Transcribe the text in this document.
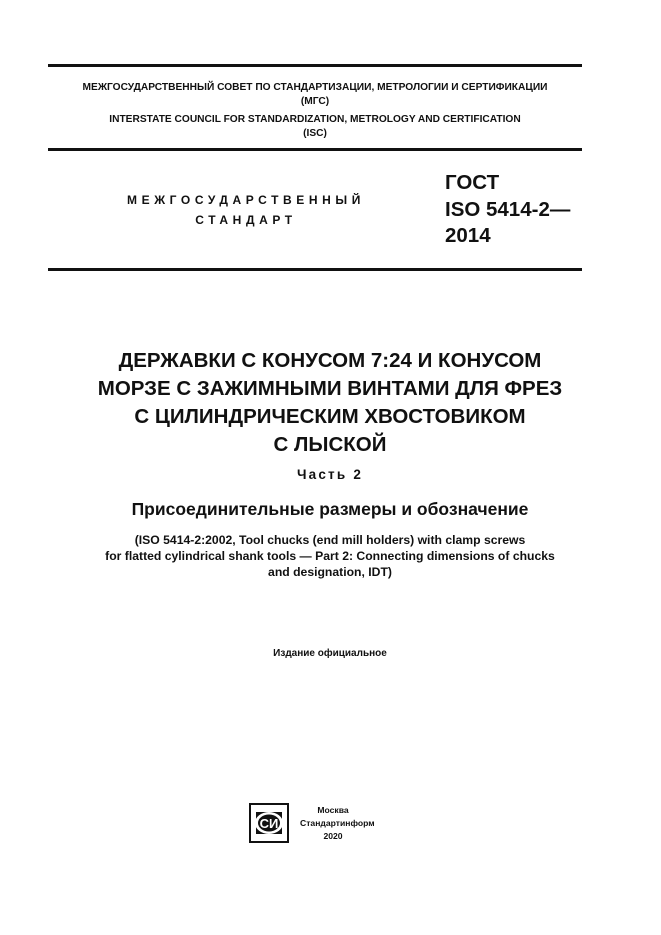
МЕЖГОСУДАРСТВЕННЫЙ СОВЕТ ПО СТАНДАРТИЗАЦИИ, МЕТРОЛОГИИ И СЕРТИФИКАЦИИ
(МГС)
INTERSTATE COUNCIL FOR STANDARDIZATION, METROLOGY AND CERTIFICATION
(ISC)
МЕЖГОСУДАРСТВЕННЫЙ
СТАНДАРТ
ГОСТ
ISO 5414-2—
2014
ДЕРЖАВКИ С КОНУСОМ 7:24 И КОНУСОМ
МОРЗЕ С ЗАЖИМНЫМИ ВИНТАМИ ДЛЯ ФРЕЗ
С ЦИЛИНДРИЧЕСКИМ ХВОСТОВИКОМ
С ЛЫСКОЙ
Часть 2
Присоединительные размеры и обозначение
(ISO 5414-2:2002, Tool chucks (end mill holders) with clamp screws
for flatted cylindrical shank tools — Part 2: Connecting dimensions of chucks
and designation, IDT)
Издание официальное
СИ
Москва
Стандартинформ
2020
